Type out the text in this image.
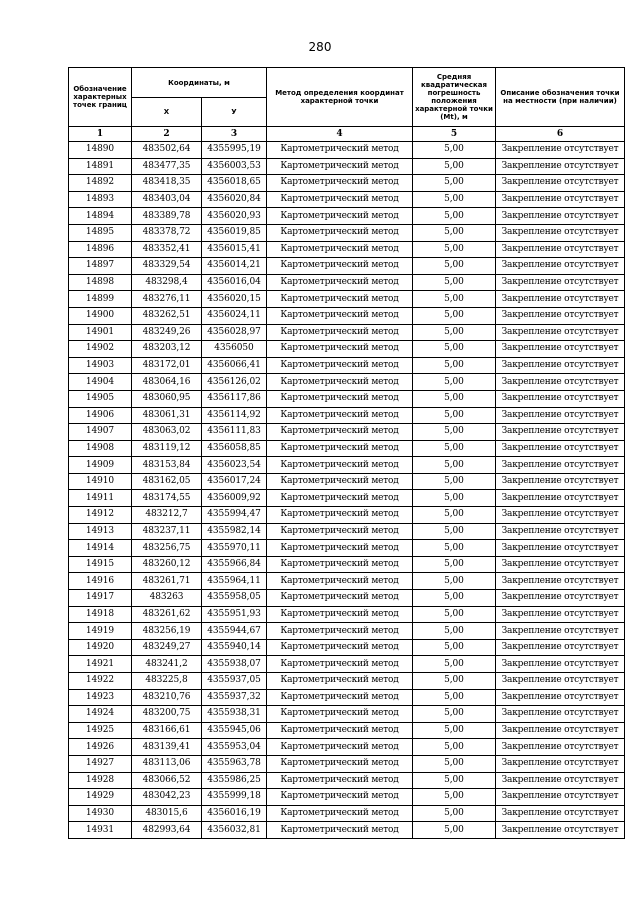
280
Обозначение характерных точек границ	Координаты, м		Метод определения координат характерной точки	Средняя квадратическая погрешность положения характерной точки (Mt), м	Описание обозначения точки на местности (при наличии)
	X	У			
1	2	3	4	5	6
14890	483502,64	4355995,19	Картометрический метод	5,00	Закрепление отсутствует
14891	483477,35	4356003,53	Картометрический метод	5,00	Закрепление отсутствует
14892	483418,35	4356018,65	Картометрический метод	5,00	Закрепление отсутствует
14893	483403,04	4356020,84	Картометрический метод	5,00	Закрепление отсутствует
14894	483389,78	4356020,93	Картометрический метод	5,00	Закрепление отсутствует
14895	483378,72	4356019,85	Картометрический метод	5,00	Закрепление отсутствует
14896	483352,41	4356015,41	Картометрический метод	5,00	Закрепление отсутствует
14897	483329,54	4356014,21	Картометрический метод	5,00	Закрепление отсутствует
14898	483298,4	4356016,04	Картометрический метод	5,00	Закрепление отсутствует
14899	483276,11	4356020,15	Картометрический метод	5,00	Закрепление отсутствует
14900	483262,51	4356024,11	Картометрический метод	5,00	Закрепление отсутствует
14901	483249,26	4356028,97	Картометрический метод	5,00	Закрепление отсутствует
14902	483203,12	4356050	Картометрический метод	5,00	Закрепление отсутствует
14903	483172,01	4356066,41	Картометрический метод	5,00	Закрепление отсутствует
14904	483064,16	4356126,02	Картометрический метод	5,00	Закрепление отсутствует
14905	483060,95	4356117,86	Картометрический метод	5,00	Закрепление отсутствует
14906	483061,31	4356114,92	Картометрический метод	5,00	Закрепление отсутствует
14907	483063,02	4356111,83	Картометрический метод	5,00	Закрепление отсутствует
14908	483119,12	4356058,85	Картометрический метод	5,00	Закрепление отсутствует
14909	483153,84	4356023,54	Картометрический метод	5,00	Закрепление отсутствует
14910	483162,05	4356017,24	Картометрический метод	5,00	Закрепление отсутствует
14911	483174,55	4356009,92	Картометрический метод	5,00	Закрепление отсутствует
14912	483212,7	4355994,47	Картометрический метод	5,00	Закрепление отсутствует
14913	483237,11	4355982,14	Картометрический метод	5,00	Закрепление отсутствует
14914	483256,75	4355970,11	Картометрический метод	5,00	Закрепление отсутствует
14915	483260,12	4355966,84	Картометрический метод	5,00	Закрепление отсутствует
14916	483261,71	4355964,11	Картометрический метод	5,00	Закрепление отсутствует
14917	483263	4355958,05	Картометрический метод	5,00	Закрепление отсутствует
14918	483261,62	4355951,93	Картометрический метод	5,00	Закрепление отсутствует
14919	483256,19	4355944,67	Картометрический метод	5,00	Закрепление отсутствует
14920	483249,27	4355940,14	Картометрический метод	5,00	Закрепление отсутствует
14921	483241,2	4355938,07	Картометрический метод	5,00	Закрепление отсутствует
14922	483225,8	4355937,05	Картометрический метод	5,00	Закрепление отсутствует
14923	483210,76	4355937,32	Картометрический метод	5,00	Закрепление отсутствует
14924	483200,75	4355938,31	Картометрический метод	5,00	Закрепление отсутствует
14925	483166,61	4355945,06	Картометрический метод	5,00	Закрепление отсутствует
14926	483139,41	4355953,04	Картометрический метод	5,00	Закрепление отсутствует
14927	483113,06	4355963,78	Картометрический метод	5,00	Закрепление отсутствует
14928	483066,52	4355986,25	Картометрический метод	5,00	Закрепление отсутствует
14929	483042,23	4355999,18	Картометрический метод	5,00	Закрепление отсутствует
14930	483015,6	4356016,19	Картометрический метод	5,00	Закрепление отсутствует
14931	482993,64	4356032,81	Картометрический метод	5,00	Закрепление отсутствует
